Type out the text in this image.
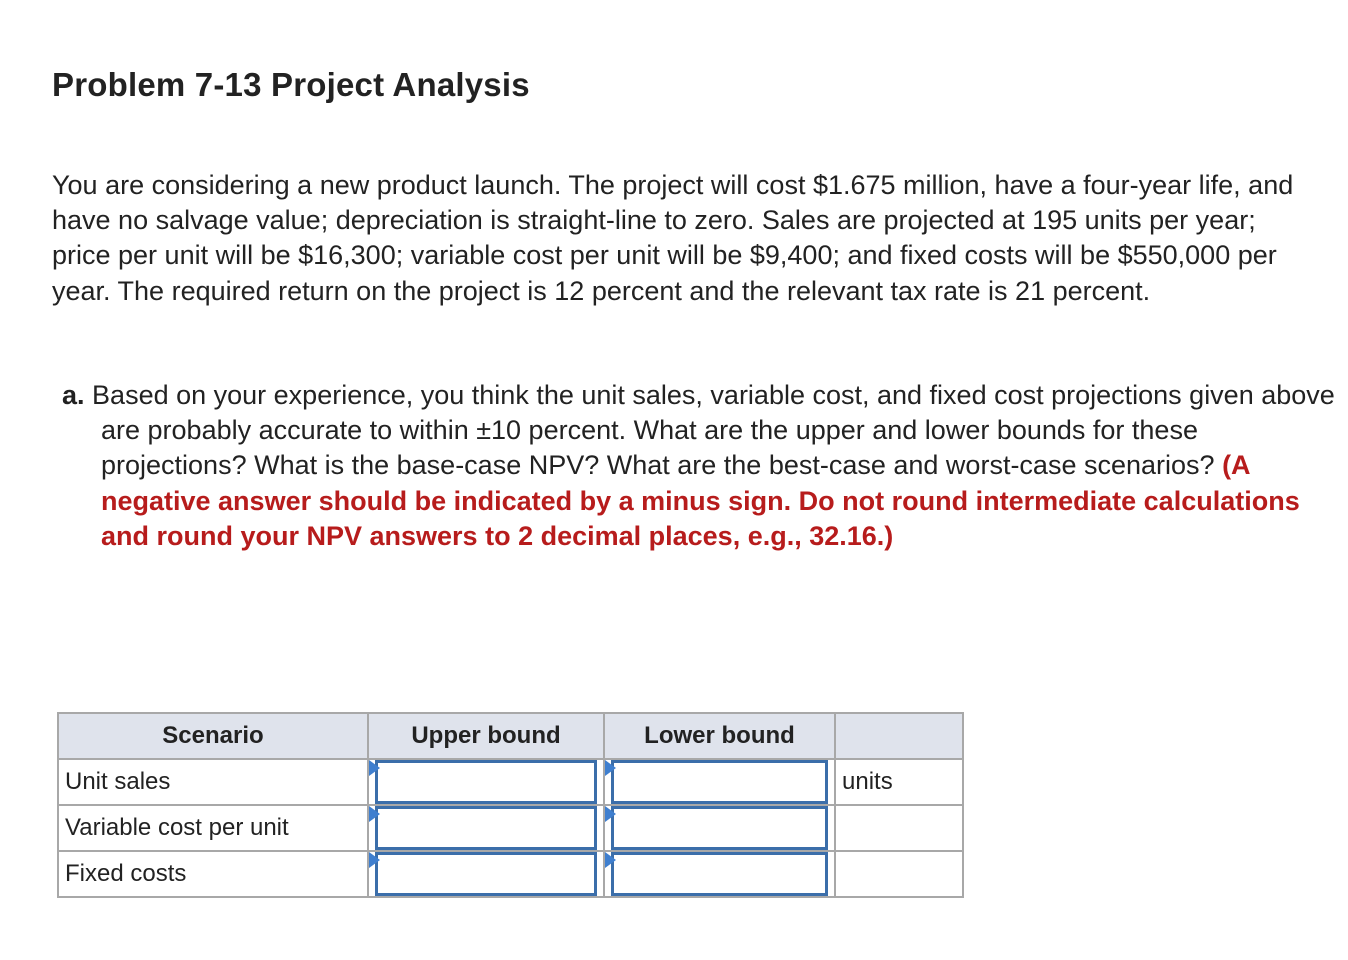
Problem 7-13 Project Analysis

You are considering a new product launch. The project will cost $1.675 million, have a four-year life, and have no salvage value; depreciation is straight-line to zero. Sales are projected at 195 units per year; price per unit will be $16,300; variable cost per unit will be $9,400; and fixed costs will be $550,000 per year. The required return on the project is 12 percent and the relevant tax rate is 21 percent.

a. Based on your experience, you think the unit sales, variable cost, and fixed cost projections given above are probably accurate to within ±10 percent. What are the upper and lower bounds for these projections? What is the base-case NPV? What are the best-case and worst-case scenarios? (A negative answer should be indicated by a minus sign. Do not round intermediate calculations and round your NPV answers to 2 decimal places, e.g., 32.16.)

Scenario	Upper bound	Lower bound	
Unit sales			units
Variable cost per unit	

Fixed costs	
